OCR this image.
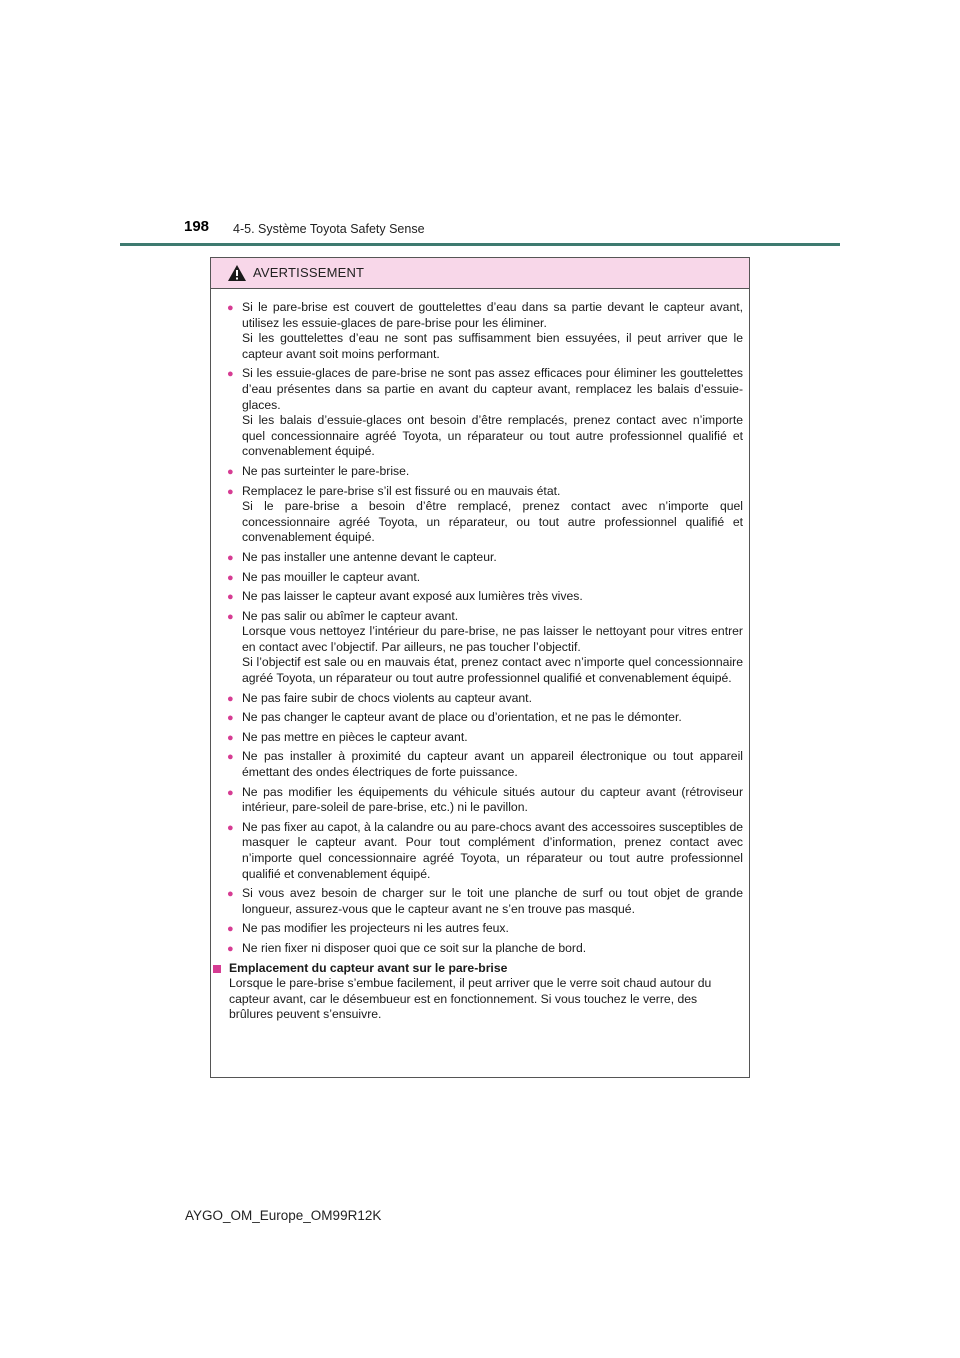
198 4-5. Système Toyota Safety Sense
AVERTISSEMENT
● Si le pare-brise est couvert de gouttelettes d’eau dans sa partie devant le capteur avant, utilisez les essuie-glaces de pare-brise pour les éliminer.

Si les gouttelettes d’eau ne sont pas suffisamment bien essuyées, il peut arriver que le capteur avant soit moins performant.

● Si les essuie-glaces de pare-brise ne sont pas assez efficaces pour éliminer les gouttelettes d’eau présentes dans sa partie en avant du capteur avant, remplacez les balais d’essuie-glaces.

Si les balais d’essuie-glaces ont besoin d’être remplacés, prenez contact avec n’importe quel concessionnaire agréé Toyota, un réparateur ou tout autre professionnel qualifié et convenablement équipé.

● Ne pas surteinter le pare-brise.

● Remplacez le pare-brise s’il est fissuré ou en mauvais état.

Si le pare-brise a besoin d’être remplacé, prenez contact avec n’importe quel concessionnaire agréé Toyota, un réparateur, ou tout autre professionnel qualifié et convenablement équipé.

● Ne pas installer une antenne devant le capteur.

● Ne pas mouiller le capteur avant.

● Ne pas laisser le capteur avant exposé aux lumières très vives.

● Ne pas salir ou abîmer le capteur avant.

Lorsque vous nettoyez l’intérieur du pare-brise, ne pas laisser le nettoyant pour vitres entrer en contact avec l’objectif. Par ailleurs, ne pas toucher l’objectif.

Si l’objectif est sale ou en mauvais état, prenez contact avec n’importe quel concessionnaire agréé Toyota, un réparateur ou tout autre professionnel qualifié et convenablement équipé.

● Ne pas faire subir de chocs violents au capteur avant.

● Ne pas changer le capteur avant de place ou d’orientation, et ne pas le démonter.

● Ne pas mettre en pièces le capteur avant.

● Ne pas installer à proximité du capteur avant un appareil électronique ou tout appareil émettant des ondes électriques de forte puissance.

● Ne pas modifier les équipements du véhicule situés autour du capteur avant (rétroviseur intérieur, pare-soleil de pare-brise, etc.) ni le pavillon.

● Ne pas fixer au capot, à la calandre ou au pare-chocs avant des accessoires susceptibles de masquer le capteur avant. Pour tout complément d’information, prenez contact avec n’importe quel concessionnaire agréé Toyota, un réparateur ou tout autre professionnel qualifié et convenablement équipé.

● Si vous avez besoin de charger sur le toit une planche de surf ou tout objet de grande longueur, assurez-vous que le capteur avant ne s’en trouve pas masqué.

● Ne pas modifier les projecteurs ni les autres feux.

● Ne rien fixer ni disposer quoi que ce soit sur la planche de bord.

Emplacement du capteur avant sur le pare-brise

Lorsque le pare-brise s’embue facilement, il peut arriver que le verre soit chaud autour du capteur avant, car le désembueur est en fonctionnement. Si vous touchez le verre, des brûlures peuvent s’ensuivre.

AYGO_OM_Europe_OM99R12K
